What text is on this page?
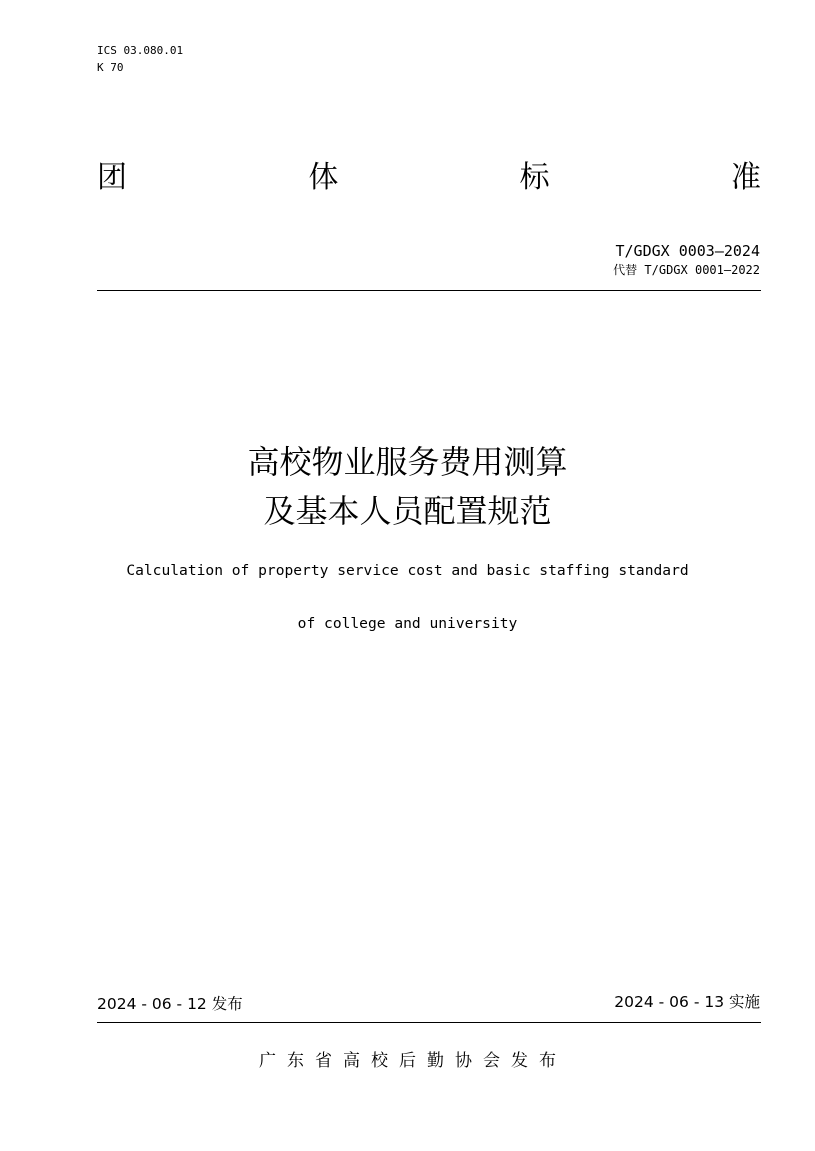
ICS 03.080.01
K 70
团	体	标	准
T/GDGX 0003—2024
代替 T/GDGX 0001—2022
高校物业服务费用测算
及基本人员配置规范
Calculation of property service cost and basic staffing standard
of college and university
2024 - 06 - 12 发布	2024 - 06 - 13 实施
广东省高校后勤协会发布
